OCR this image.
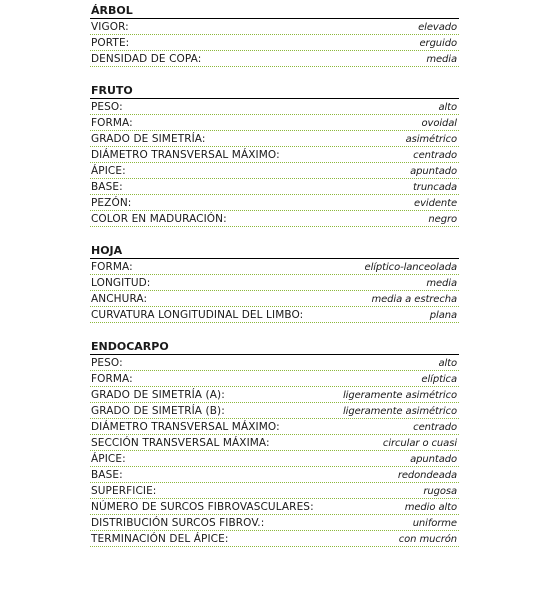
ÁRBOL
VIGOR:	elevado
PORTE:	erguido
DENSIDAD DE COPA:	media
FRUTO
PESO:	alto
FORMA:	ovoidal
GRADO DE SIMETRÍA:	asimétrico
DIÁMETRO TRANSVERSAL MÁXIMO:	centrado
ÁPICE:	apuntado
BASE:	truncada
PEZÓN:	evidente
COLOR EN MADURACIÓN:	negro
HOJA
FORMA:	elíptico-lanceolada
LONGITUD:	media
ANCHURA:	media a estrecha
CURVATURA LONGITUDINAL DEL LIMBO:	plana
ENDOCARPO
PESO:	alto
FORMA:	elíptica
GRADO DE SIMETRÍA (A):	ligeramente asimétrico
GRADO DE SIMETRÍA (B):	ligeramente asimétrico
DIÁMETRO TRANSVERSAL MÁXIMO:	centrado
SECCIÓN TRANSVERSAL MÁXIMA:	circular o cuasi
ÁPICE:	apuntado
BASE:	redondeada
SUPERFICIE:	rugosa
NÚMERO DE SURCOS FIBROVASCULARES:	medio alto
DISTRIBUCIÓN SURCOS FIBROV.:	uniforme
TERMINACIÓN DEL ÁPICE:	con mucrón
